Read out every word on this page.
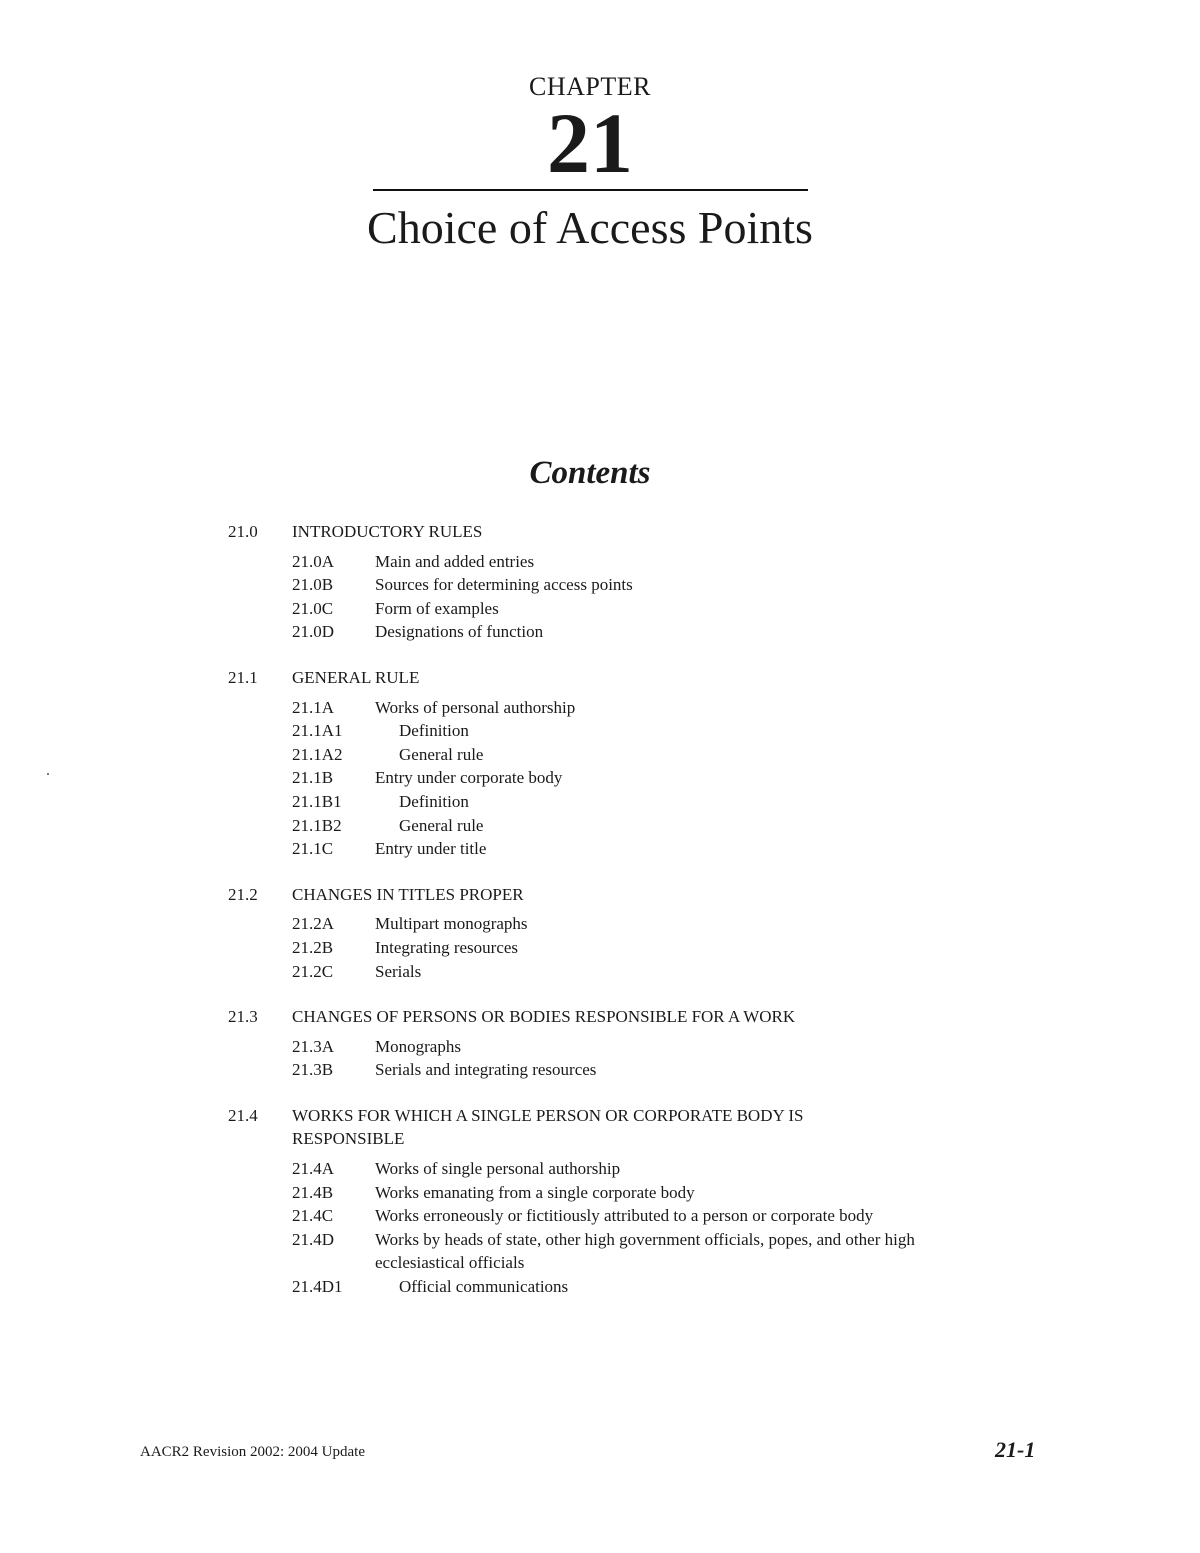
CHAPTER
21
Choice of Access Points
Contents
21.0	INTRODUCTORY RULES
21.0A	Main and added entries
21.0B	Sources for determining access points
21.0C	Form of examples
21.0D	Designations of function
21.1	GENERAL RULE
21.1A	Works of personal authorship
21.1A1	Definition
21.1A2	General rule
21.1B	Entry under corporate body
21.1B1	Definition
21.1B2	General rule
21.1C	Entry under title
21.2	CHANGES IN TITLES PROPER
21.2A	Multipart monographs
21.2B	Integrating resources
21.2C	Serials
21.3	CHANGES OF PERSONS OR BODIES RESPONSIBLE FOR A WORK
21.3A	Monographs
21.3B	Serials and integrating resources
21.4	WORKS FOR WHICH A SINGLE PERSON OR CORPORATE BODY IS RESPONSIBLE
21.4A	Works of single personal authorship
21.4B	Works emanating from a single corporate body
21.4C	Works erroneously or fictitiously attributed to a person or corporate body
21.4D	Works by heads of state, other high government officials, popes, and other high ecclesiastical officials
21.4D1	Official communications
AACR2 Revision 2002: 2004 Update	21-1
